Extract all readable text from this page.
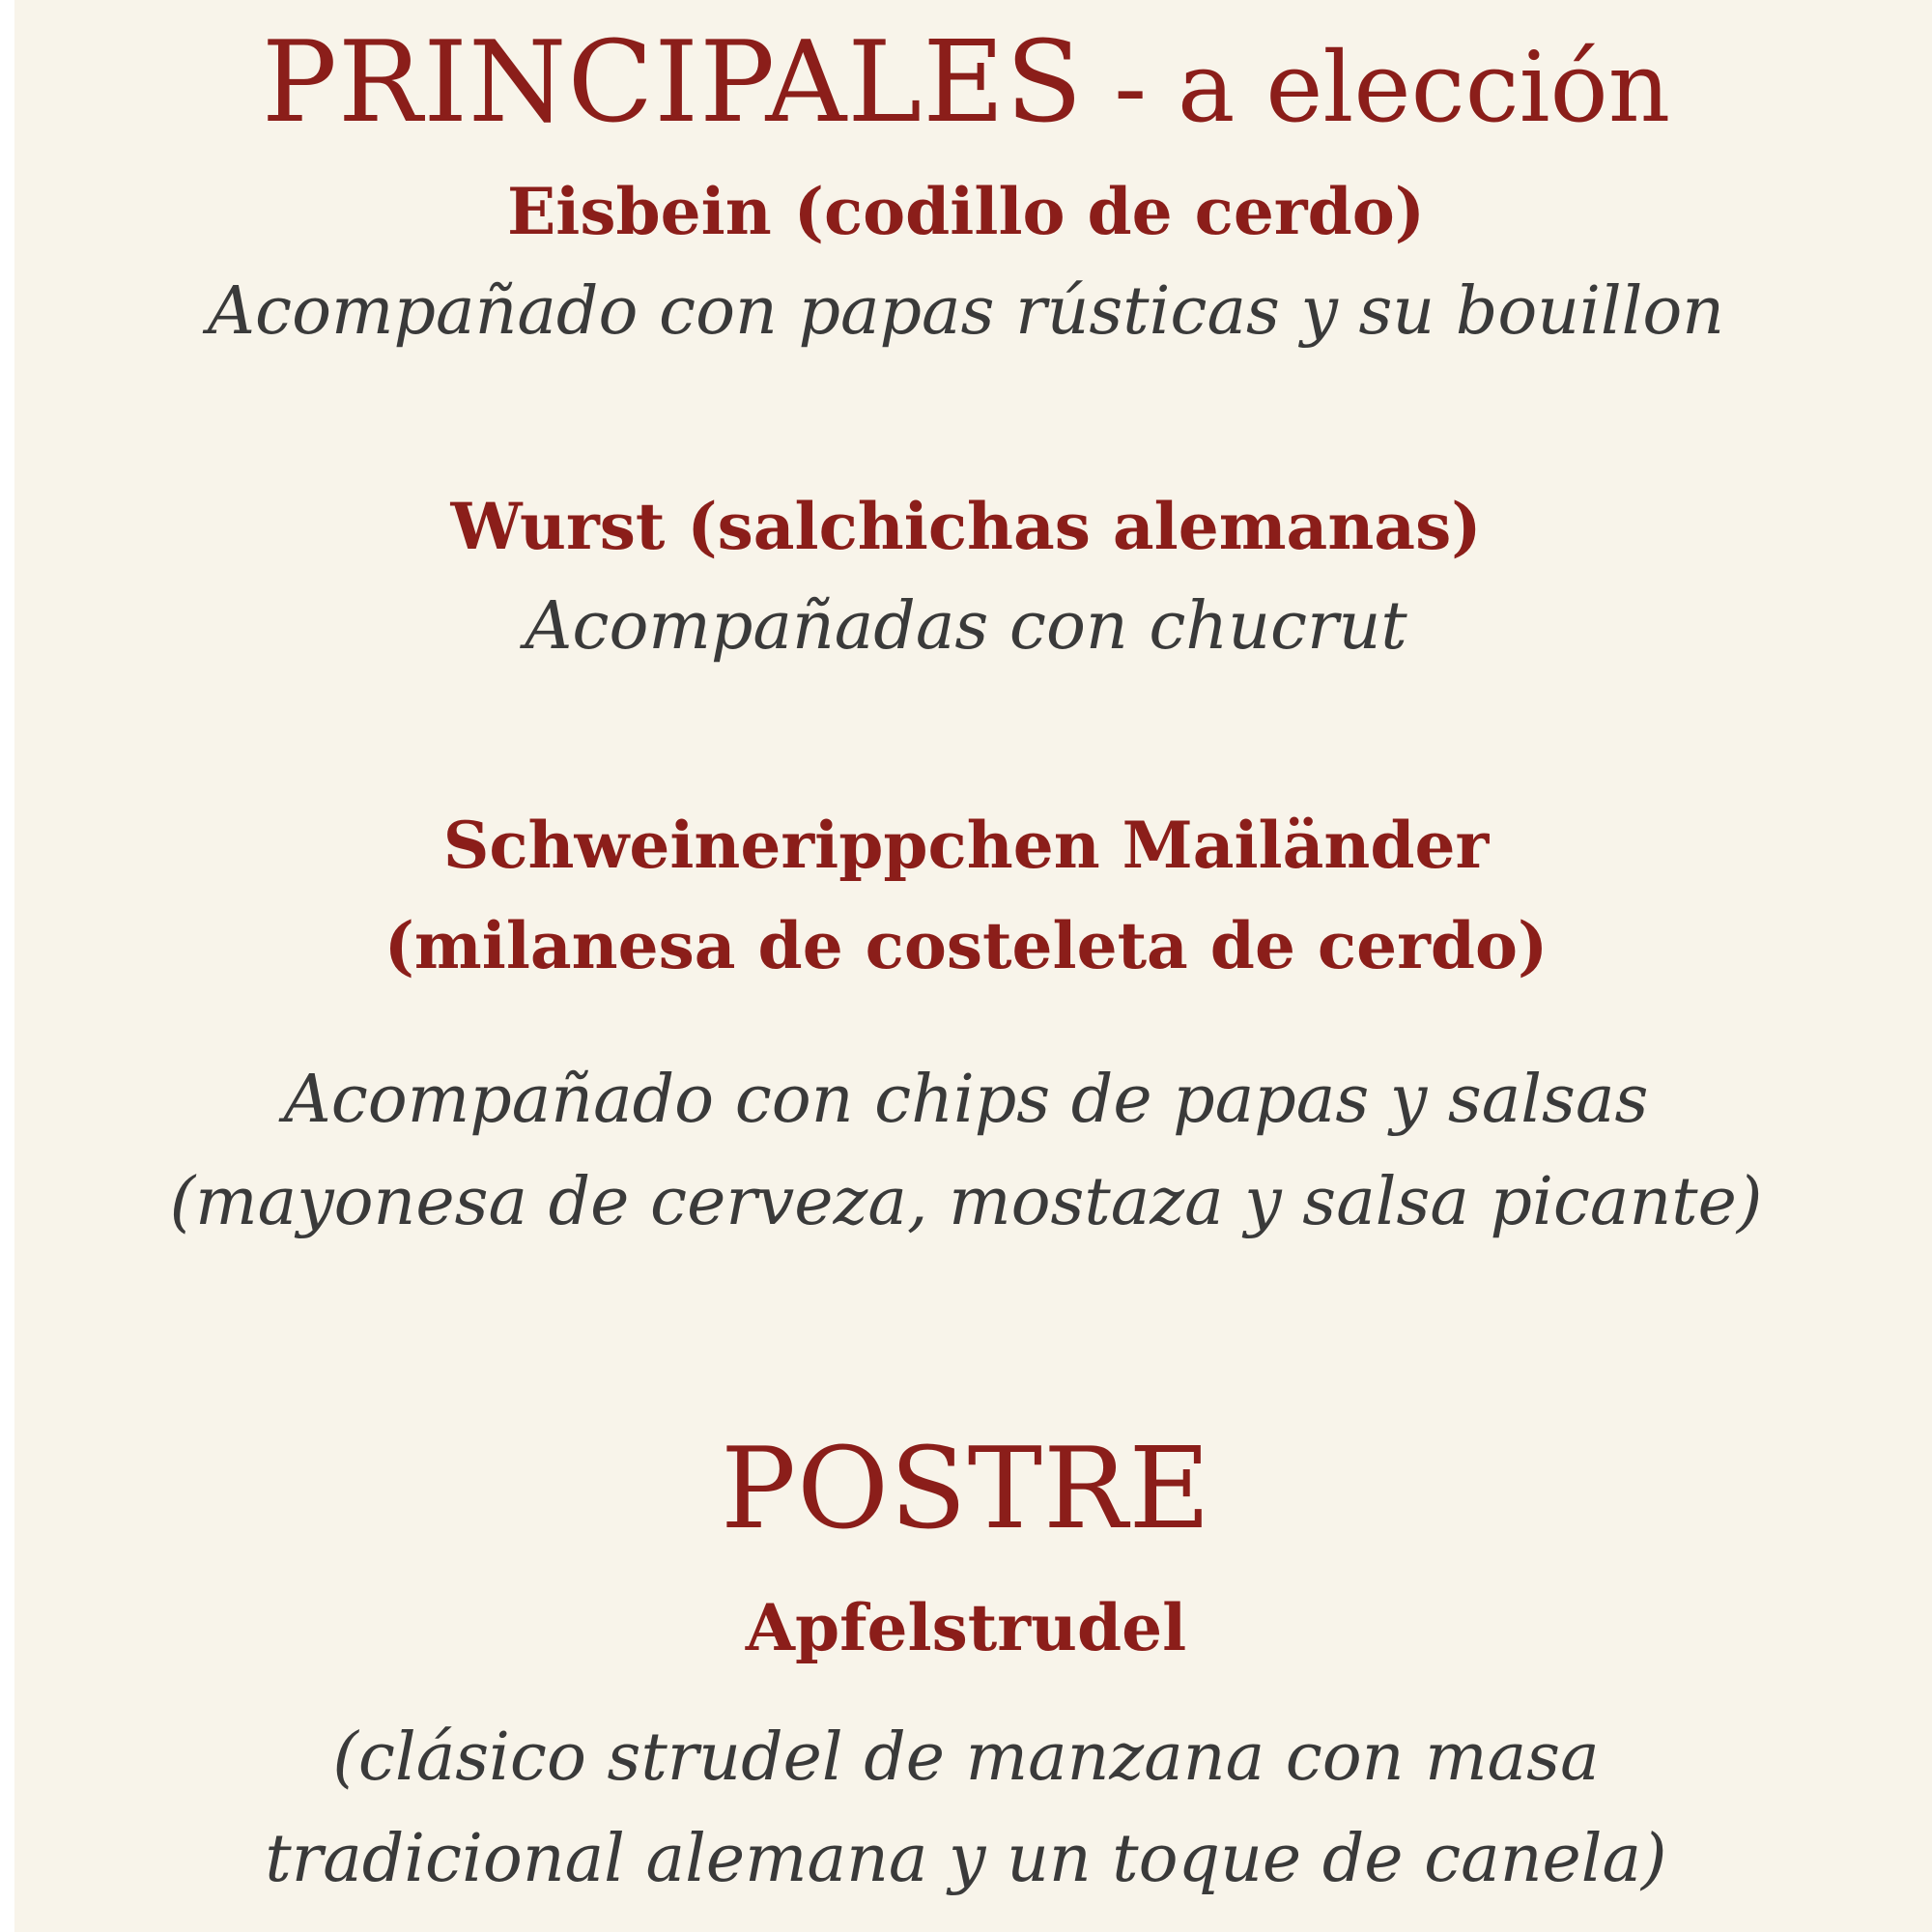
PRINCIPALES - a elección
Eisbein (codillo de cerdo)
Acompañado con papas rústicas y su bouillon
Wurst (salchichas alemanas)
Acompañadas con chucrut
Schweinerippchen Mailänder
(milanesa de costeleta de cerdo)
Acompañado con chips de papas y salsas
(mayonesa de cerveza, mostaza y salsa picante)
POSTRE
Apfelstrudel
(clásico strudel de manzana con masa
tradicional alemana y un toque de canela)
